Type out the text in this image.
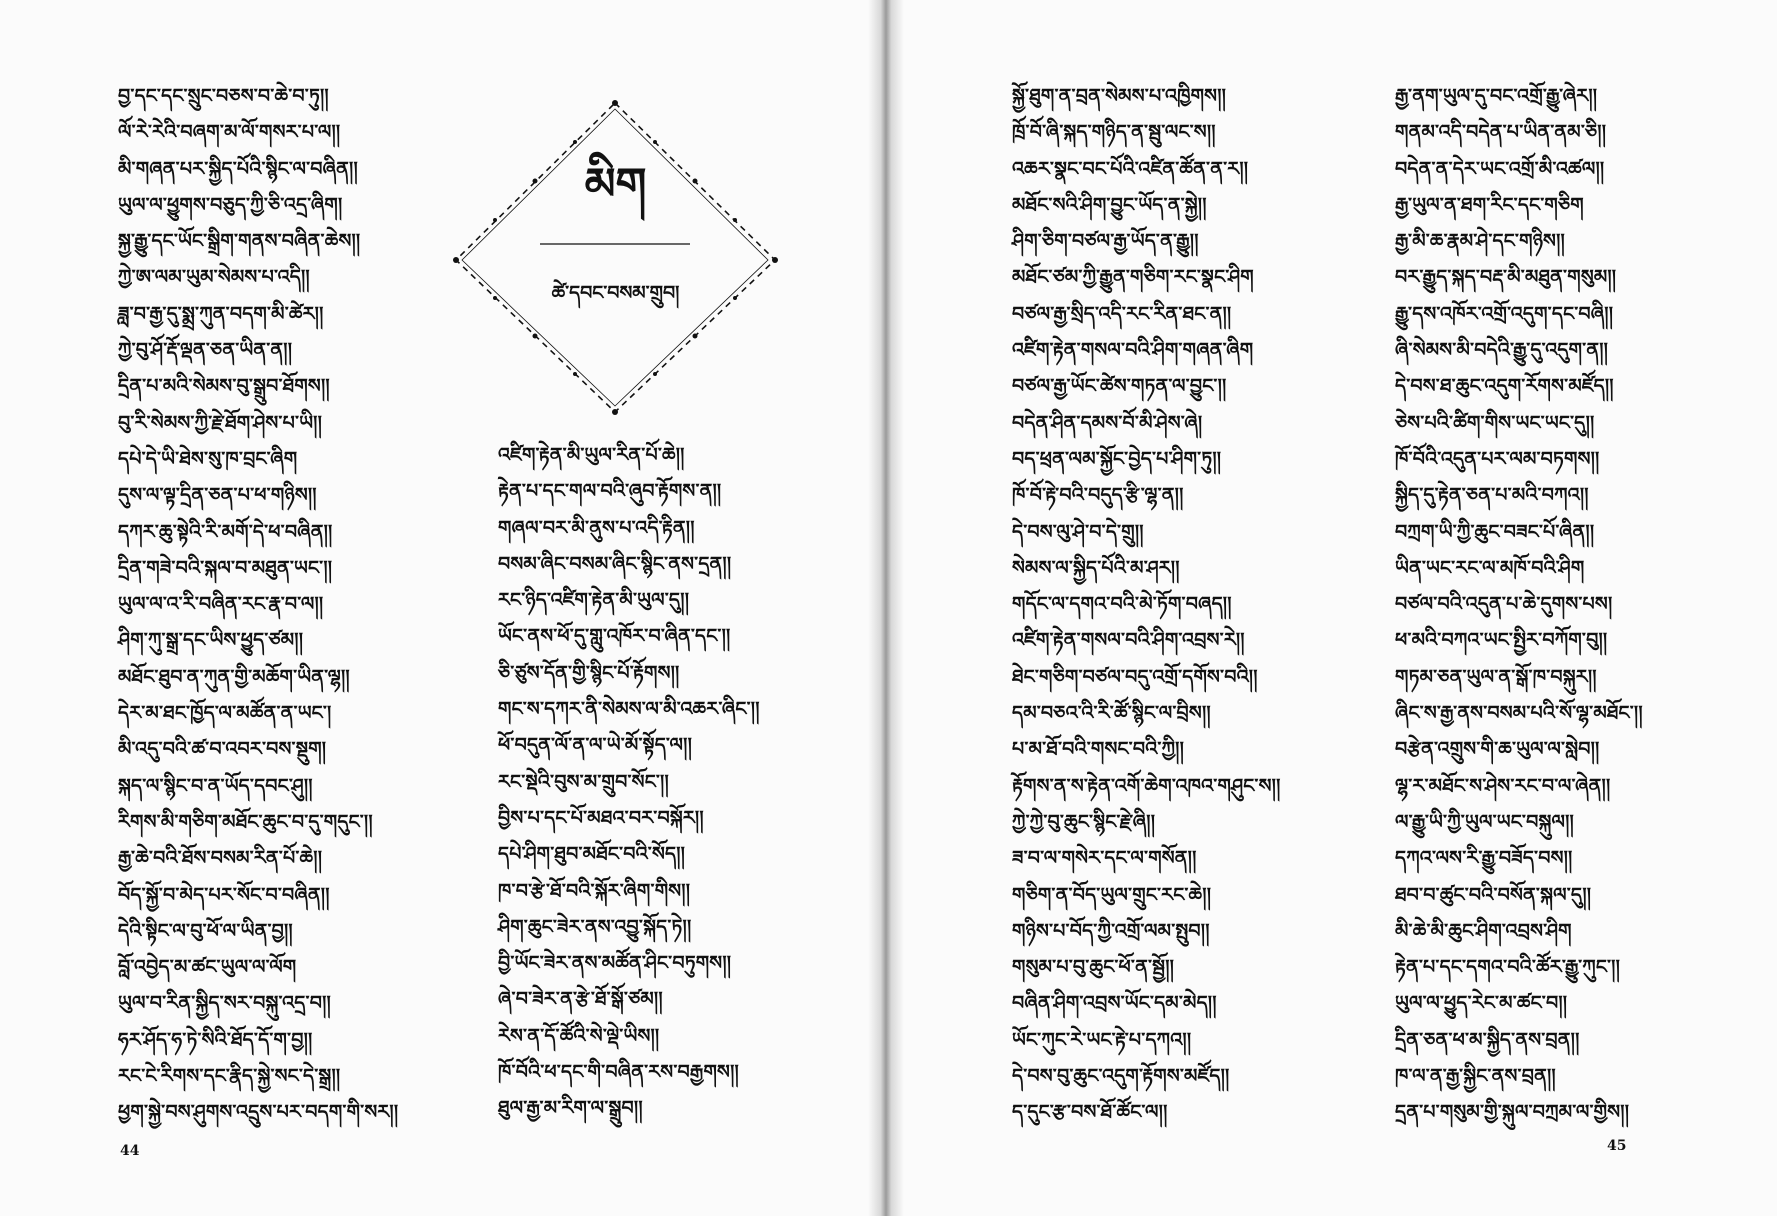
བྱ་དང་དང་སྲུང་བཅས་བ་ཆེ་བ་ཏུ།།
ལོ་རེ་རེའི་བཞག་མ་ལོ་གསར་པ་ལ།།
མི་གཞན་པར་སྐྱིད་པོའི་སྙིང་ལ་བཞིན།།
ཡུལ་ལ་ཕྱུགས་བཅུད་ཀྱི་ཅི་འདྲ་ཞིག།
སྐྱ་རྒྱུ་དང་ཡོང་སྒྲིག་གནས་བཞིན་ཆེས།།
ཀྱེ་ཨ་ལམ་ཡུམ་སེམས་པ་འདི།།
ཟླ་བ་རྒྱ་དུ་སྨྲ་ཀུན་བདག་མི་ཚེར།།
ཀྱེ་བུ་ཤོ་རྡོ་ལྡན་ཅན་ཡིན་ན།།
དྲིན་པ་མའི་སེམས་བུ་སྒྲུབ་ཐོགས།།
བུ་རི་སེམས་ཀྱི་རྗེ་ཐོག་ཤེས་པ་ཡི།།
དཔེ་དེ་ཡི་ཐེས་སུ་ཁ་བྲང་ཞིག
དུས་ལ་ལྟ་དྲིན་ཅན་པ་ཕ་གཉིས།།
དཀར་ཆུ་སྟེའི་རི་མགོ་དེ་ཕ་བཞིན།།
དྲིན་གཟེ་བའི་སྐལ་བ་མཐུན་ཡང་།།
ཡུལ་ལ་འ་རི་བཞིན་རང་རྣ་བ་ལ།།
ཤིག་ཀུ་སྒྲ་དང་ཡིས་ཕྱུད་ཙམ།།
མཐོང་ཐུབ་ན་ཀུན་གྱི་མཆོག་ཡིན་ལྷ།།
དེར་མ་ཐང་ཁྱོད་ལ་མཚོན་ན་ཡང་།
མི་འདུ་བའི་ཚ་བ་འབར་བས་སྡུག།
སྐད་ལ་སྙིང་བ་ན་ཡོད་དབང་ཤུ།།
རིགས་མི་གཅིག་མཐོང་ཆུང་བ་དུ་གདུང་།།
རྒྱ་ཆེ་བའི་ཐོས་བསམ་རིན་པོ་ཆེ།།
བོད་སྐྱོ་བ་མེད་པར་སོང་བ་བཞིན།།
དེའི་སྟིང་ལ་བུ་ཕོ་ལ་ཡིན་བྱ།།
བློ་འབྱེད་མ་ཚང་ཡུལ་ལ་ལོག
ཡུལ་བ་རིན་སྐྱིད་སར་བསྐུ་འདྲ་བ།།
ཧར་ཤོད་ཧ་ཏེ་སིའི་ཐོད་དོ་ག་བྱ།།
རང་ངེ་རིགས་དང་རྣིད་སྐྱེ་སང་དེ་སྒྲ།།
ཕྱག་སྐྱེ་བས་ཤུགས་འདྲུས་པར་བདག་གི་སར།།
མིག
ཚེ་དབང་བསམ་གྲུབ།
འཛིག་རྟེན་མི་ཡུལ་རིན་པོ་ཆེ།།
རྟེན་པ་དང་གལ་བའི་ཞུབ་རྟོགས་ན།།
གཞལ་བར་མི་ནུས་པ་འདི་རྟིན།།
བསམ་ཞིང་བསམ་ཞིང་སྙིང་ནས་དྲན།།
རང་ཉིད་འཛིག་རྟེན་མི་ཡུལ་དུ།།
ཡོང་ནས་ཕོ་དུ་གླུ་འཁོར་བ་ཞིན་དང་།།
ཅི་ཙུས་དོན་གྱི་སྙིང་པོ་རྟོགས།།
གང་ས་དཀར་ནི་སེམས་ལ་མི་འཆར་ཞིང་།།
ཕོ་བདུན་ལོ་ན་ལ་ཡེ་མོ་སྟོད་ལ།།
རང་སྡེའི་བུས་མ་གྲུབ་སོང་།།
བྱིས་པ་དང་པོ་མཐའ་བར་བསྐོར།།
དཔེ་ཤིག་ཐུབ་མཐོང་བའི་སོད།།
ཁ་བ་རྩེ་ཐོ་བའི་སྐོར་ཞིག་གིས།།
ཤིག་ཆུང་ཟེར་ནས་འབྱུ་སྐོད་ཏེ།།
བྱི་ཡོང་ཟེར་ནས་མཚོན་ཤིང་བཏུགས།།
ཞེ་བ་ཟེར་ན་རྩེ་ཐོ་སྒོ་ཙམ།།
རེས་ན་དོ་ཚོའི་སེ་ལྡེ་ཡིས།།
ཁོ་བོའི་ཕ་དང་གི་བཞིན་རས་བརྒྱགས།།
ཐུལ་རྒྱ་མ་རིག་ལ་སྒྲུབ།།
44
སྐྱོ་ཐུག་ན་བྲན་སེམས་པ་འཁྱིགས།།
ཁྲོ་བོ་ཞི་སྐད་གཉིད་ན་སྦུ་ལང་ས།།
འཆར་སྣང་བང་པོའི་འཛིན་ཚོན་ན་ར།།
མཐོང་སའི་ཤིག་བྱུང་ཡོད་ན་སྐྱེ།།
ཤིག་ཅིག་བཙལ་རྒྱ་ཡོད་ན་རྒྱུ།།
མཐོང་ཙམ་ཀྱི་རྒྱུན་གཅིག་རང་སྣང་ཤིག
བཙལ་རྒྱ་སྲིད་འདི་རང་རིན་ཐང་ན།།
འཛིག་རྟེན་གསལ་བའི་ཤིག་གཞན་ཞིག
བཙལ་རྒྱ་ཡོང་ཚེས་གཏན་ལ་བྱུང་།།
བདེན་ཤིན་དམས་བོ་མི་ཤེས་ཞེ།
བད་ཕྲན་ལམ་སྐྱོང་བྱེད་པ་ཤིག་ཏུ།།
ཁོ་བོ་རྟེ་བའི་བདུད་རྩི་ལྷ་ན།།
དེ་བས་ལུ་ཤེ་བ་དེ་གྲུ།།
སེམས་ལ་སྐྱིད་པོའི་མ་ཤར།།
གདོང་ལ་དགའ་བའི་མེ་ཏོག་བཞད།།
འཛིག་རྟེན་གསལ་བའི་ཤིག་འབྲས་རེ།།
ཐེང་གཅིག་བཙལ་བདུ་འགྲོ་དགོས་བའི།།
དམ་བཅའ་འི་རི་ཚོ་སྙིང་ལ་བྲིས།།
པ་མ་ཐོ་བའི་གསང་བའི་ཀྱི།།
རྟོགས་ན་ས་རྟེན་འགོ་ཆེག་འཁའ་གཤུང་ས།།
ཀྱེ་ཀྱེ་བུ་ཆུང་སྙིང་རྗེ་ཞི།།
ཟ་བ་ལ་གསེར་དང་ལ་གསོན།།
གཅིག་ན་བོད་ཡུལ་གྲུང་རང་ཆེ།།
གཉིས་པ་བོད་ཀྱི་འགྲོ་ལམ་སྤུབ།།
གསུམ་པ་བུ་ཆུང་ཕོ་ན་སྦྱོ།།
བཞིན་ཤིག་འབྲས་ཡོང་དམ་མེད།།
ཡོང་ཀུང་རེ་ཡང་རྟེ་པ་དཀའ།།
དེ་བས་བུ་ཆུང་འདུག་རྟོགས་མཛོད།།
ད་དུང་རྩ་བས་ཐོ་ཚོང་ལ།།
རྒྱ་ནག་ཡུལ་དུ་བང་འགྲོ་རྒྱུ་ཞེར།།
གནམ་འདི་བདེན་པ་ཡིན་ནམ་ཅི།།
བདེན་ན་དེར་ཡང་འགྲོ་མི་འཚལ།།
རྒྱ་ཡུལ་ན་ཐག་རིང་དང་གཅིག
རྒྱ་མི་ཆ་རྣམ་ཤེ་དང་གཉིས།།
བར་རྒྱུད་སྐད་བརྡ་མི་མཐུན་གསུམ།།
རྒྱུ་དས་འཁོར་འགྲོ་འདུག་དང་བཞི།།
ཞི་སེམས་མི་བདེའི་རྒྱུ་དུ་འདུག་ན།།
དེ་བས་ཐ་ཆུང་འདུག་རོགས་མཛོད།།
ཅེས་པའི་ཚིག་གིས་ཡང་ཡང་དུ།།
ཁོ་བོའི་འདུན་པར་ལམ་བཏགས།།
སྐྱིད་དུ་རྟེན་ཅན་པ་མའི་བཀའ།།
བཀྲག་ཡི་ཀྱི་ཆུང་བཟང་པོ་ཞིན།།
ཡིན་ཡང་རང་ལ་མཁོ་བའི་ཤིག
བཙལ་བའི་འདུན་པ་ཆེ་དུགས་པས།
ཕ་མའི་བཀའ་ཡང་སྤྱིར་བཀོག་བུ།།
གཏམ་ཅན་ཡུལ་ན་སྒོ་ཁ་བསྐུར།།
ཞིང་ས་རྒྱ་ནས་བསམ་པའི་སོ་ལྷ་མཐོང་།།
བརྩེན་འགྲུས་གི་ཆ་ཡུལ་ལ་སླེབ།།
ལྷ་ར་མཐོང་ས་ཤེས་རང་བ་ལ་ཞེན།།
ལ་རྒྱུ་ཡི་ཀྱི་ཡུལ་ཡང་བསྐུལ།།
དཀའ་ལས་རི་རྒྱུ་བཟོད་བས།།
ཐབ་བ་ཚུང་བའི་བསོན་སྐལ་དུ།།
མི་ཆེ་མི་ཆུང་ཤིག་འབྲས་ཤིག
རྟེན་པ་དང་དགའ་བའི་ཚོར་རྒྱུ་ཀུང་།།
ཡུལ་ལ་ཕྱུད་རེང་མ་ཚང་བ།།
དྲིན་ཅན་ཕ་མ་སྐྱིད་ནས་བྲན།།
ཁ་ལ་ན་རྒྱ་སྐྱིང་ནས་བྲན།།
དྲན་པ་གསུམ་གྱི་སྐུལ་བཀྲམ་ལ་གྱིས།།
45
